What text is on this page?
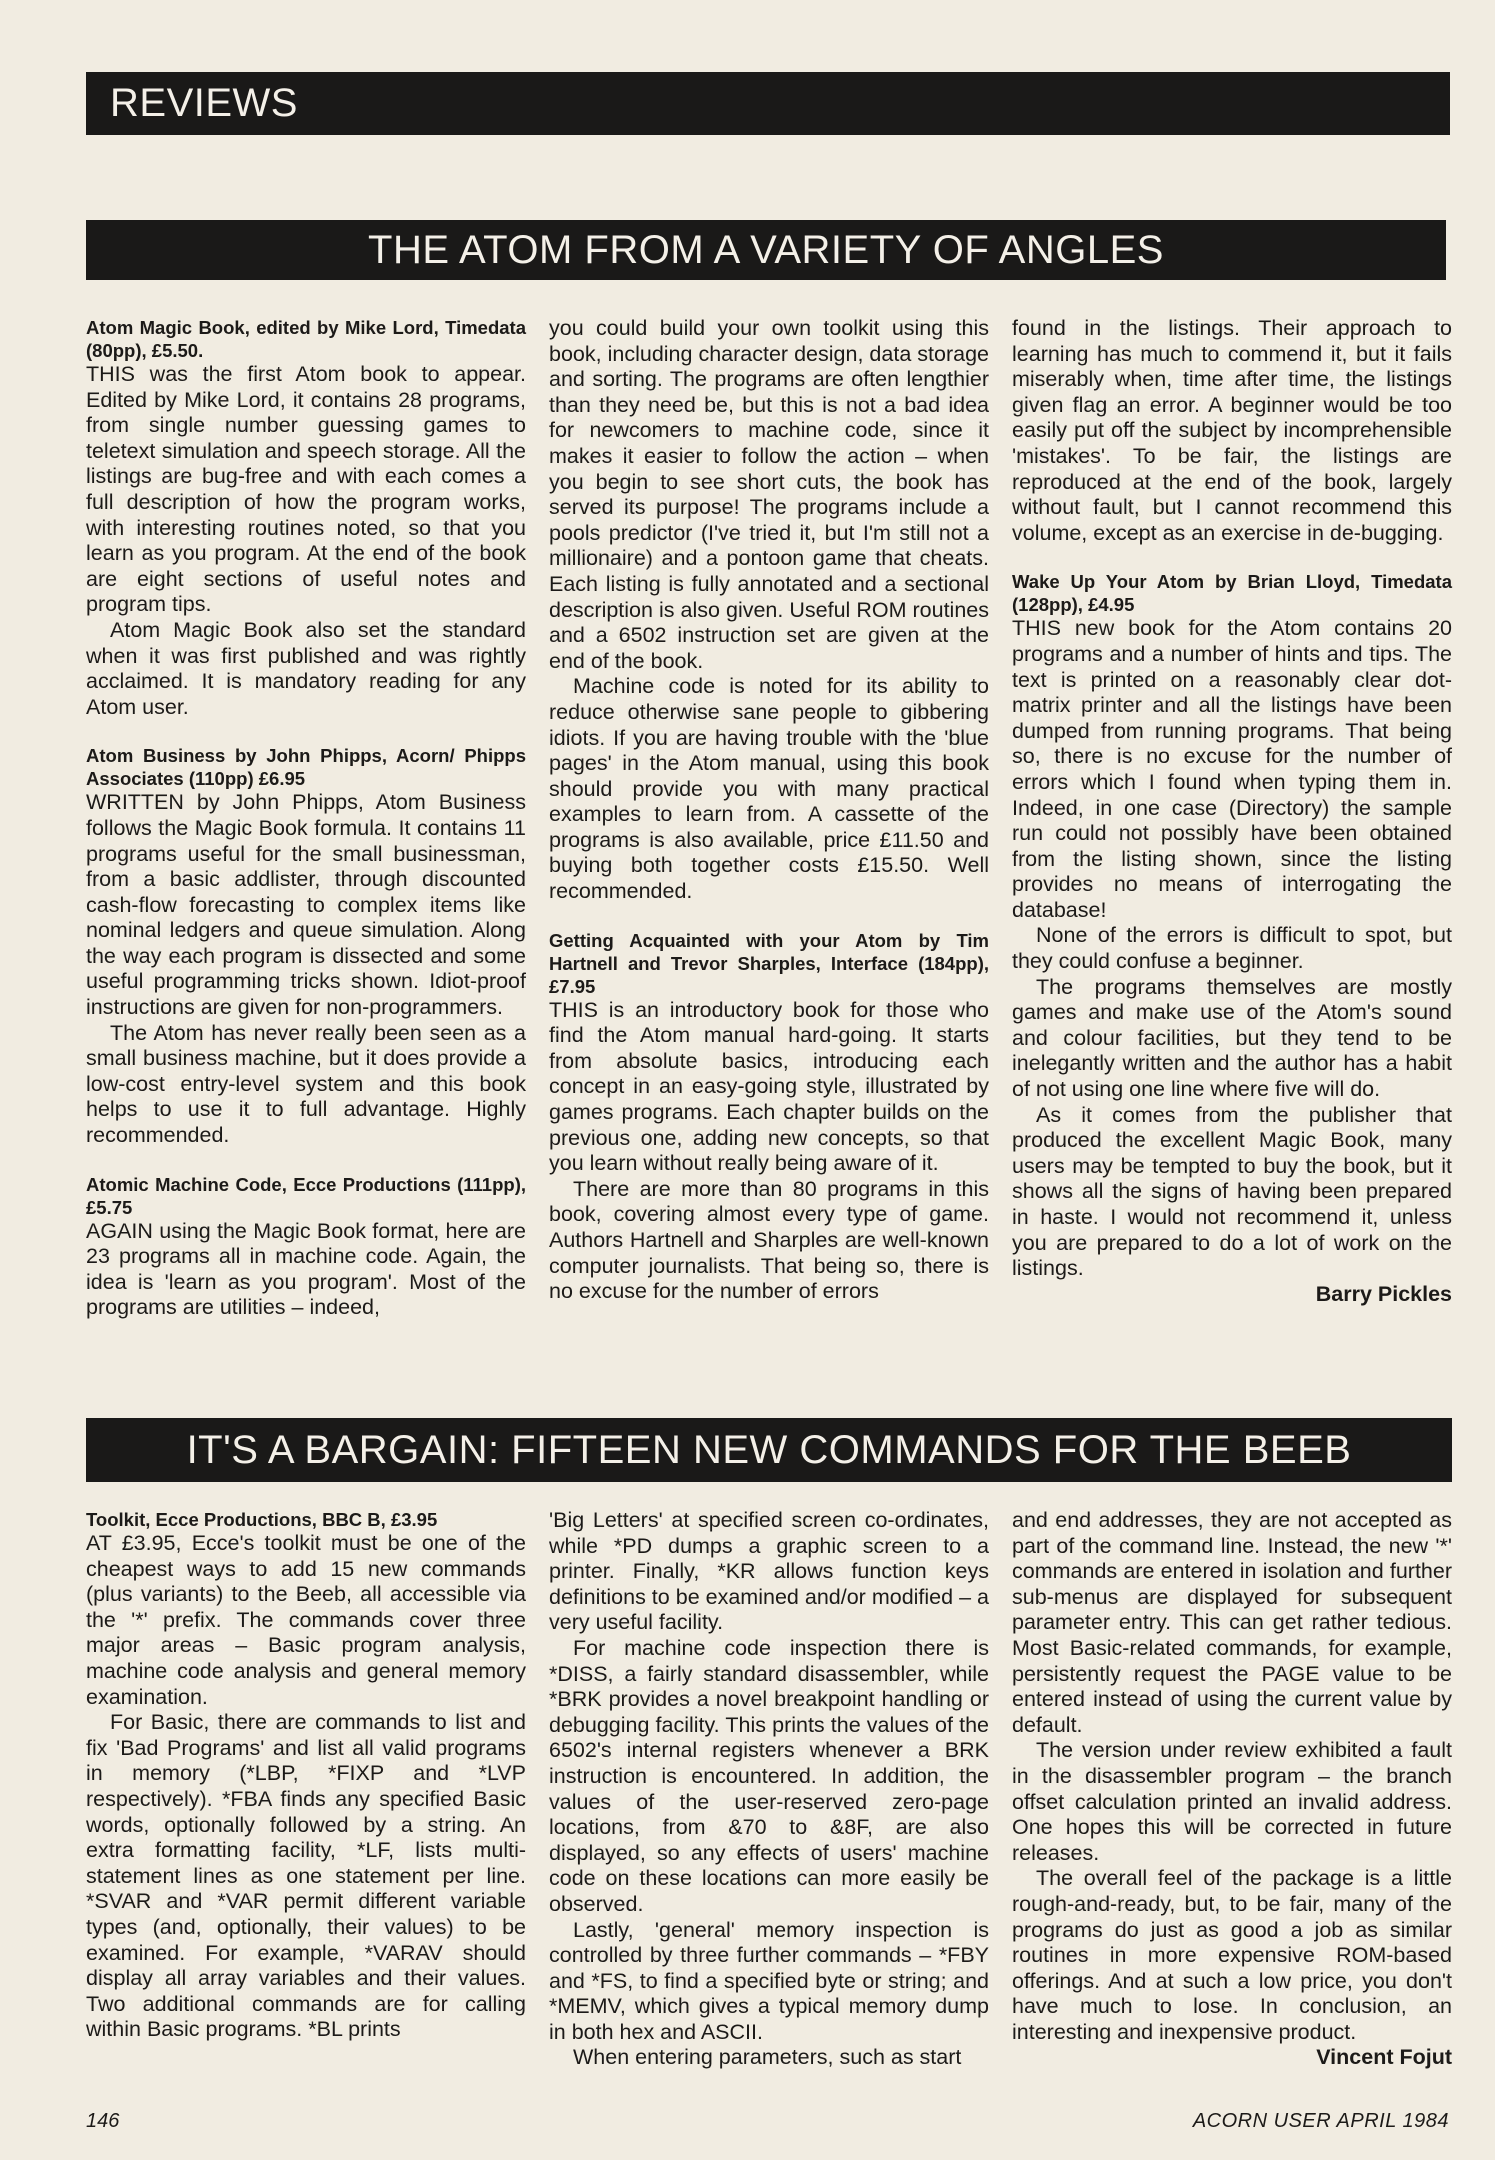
REVIEWS
THE ATOM FROM A VARIETY OF ANGLES
Atom Magic Book, edited by Mike Lord, Timedata (80pp), £5.50.

THIS was the first Atom book to appear. Edited by Mike Lord, it contains 28 programs, from single number guessing games to teletext simulation and speech storage. All the listings are bug-free and with each comes a full description of how the program works, with interesting routines noted, so that you learn as you program. At the end of the book are eight sections of useful notes and program tips.

Atom Magic Book also set the standard when it was first published and was rightly acclaimed. It is mandatory reading for any Atom user.

Atom Business by John Phipps, Acorn/ Phipps Associates (110pp) £6.95

WRITTEN by John Phipps, Atom Business follows the Magic Book formula. It contains 11 programs useful for the small businessman, from a basic addlister, through discounted cash-flow forecasting to complex items like nominal ledgers and queue simulation. Along the way each program is dissected and some useful programming tricks shown. Idiot-proof instructions are given for non-programmers.

The Atom has never really been seen as a small business machine, but it does provide a low-cost entry-level system and this book helps to use it to full advantage. Highly recommended.

Atomic Machine Code, Ecce Productions (111pp), £5.75

AGAIN using the Magic Book format, here are 23 programs all in machine code. Again, the idea is 'learn as you program'. Most of the programs are utilities – indeed,

you could build your own toolkit using this book, including character design, data storage and sorting. The programs are often lengthier than they need be, but this is not a bad idea for newcomers to machine code, since it makes it easier to follow the action – when you begin to see short cuts, the book has served its purpose! The programs include a pools predictor (I've tried it, but I'm still not a millionaire) and a pontoon game that cheats. Each listing is fully annotated and a sectional description is also given. Useful ROM routines and a 6502 instruction set are given at the end of the book.

Machine code is noted for its ability to reduce otherwise sane people to gibbering idiots. If you are having trouble with the 'blue pages' in the Atom manual, using this book should provide you with many practical examples to learn from. A cassette of the programs is also available, price £11.50 and buying both together costs £15.50. Well recommended.

Getting Acquainted with your Atom by Tim Hartnell and Trevor Sharples, Interface (184pp), £7.95

THIS is an introductory book for those who find the Atom manual hard-going. It starts from absolute basics, introducing each concept in an easy-going style, illustrated by games programs. Each chapter builds on the previous one, adding new concepts, so that you learn without really being aware of it.

There are more than 80 programs in this book, covering almost every type of game. Authors Hartnell and Sharples are well-known computer journalists. That being so, there is no excuse for the number of errors

found in the listings. Their approach to learning has much to commend it, but it fails miserably when, time after time, the listings given flag an error. A beginner would be too easily put off the subject by incomprehensible 'mistakes'. To be fair, the listings are reproduced at the end of the book, largely without fault, but I cannot recommend this volume, except as an exercise in de-bugging.

Wake Up Your Atom by Brian Lloyd, Timedata (128pp), £4.95

THIS new book for the Atom contains 20 programs and a number of hints and tips. The text is printed on a reasonably clear dot-matrix printer and all the listings have been dumped from running programs. That being so, there is no excuse for the number of errors which I found when typing them in. Indeed, in one case (Directory) the sample run could not possibly have been obtained from the listing shown, since the listing provides no means of interrogating the database!

None of the errors is difficult to spot, but they could confuse a beginner.

The programs themselves are mostly games and make use of the Atom's sound and colour facilities, but they tend to be inelegantly written and the author has a habit of not using one line where five will do.

As it comes from the publisher that produced the excellent Magic Book, many users may be tempted to buy the book, but it shows all the signs of having been prepared in haste. I would not recommend it, unless you are prepared to do a lot of work on the listings.

Barry Pickles

IT'S A BARGAIN: FIFTEEN NEW COMMANDS FOR THE BEEB
Toolkit, Ecce Productions, BBC B, £3.95

AT £3.95, Ecce's toolkit must be one of the cheapest ways to add 15 new commands (plus variants) to the Beeb, all accessible via the '*' prefix. The commands cover three major areas – Basic program analysis, machine code analysis and general memory examination.

For Basic, there are commands to list and fix 'Bad Programs' and list all valid programs in memory (*LBP, *FIXP and *LVP respectively). *FBA finds any specified Basic words, optionally followed by a string. An extra formatting facility, *LF, lists multi-statement lines as one statement per line. *SVAR and *VAR permit different variable types (and, optionally, their values) to be examined. For example, *VARAV should display all array variables and their values. Two additional commands are for calling within Basic programs. *BL prints

'Big Letters' at specified screen co-ordinates, while *PD dumps a graphic screen to a printer. Finally, *KR allows function keys definitions to be examined and/or modified – a very useful facility.

For machine code inspection there is *DISS, a fairly standard disassembler, while *BRK provides a novel breakpoint handling or debugging facility. This prints the values of the 6502's internal registers whenever a BRK instruction is encountered. In addition, the values of the user-reserved zero-page locations, from &70 to &8F, are also displayed, so any effects of users' machine code on these locations can more easily be observed.

Lastly, 'general' memory inspection is controlled by three further commands – *FBY and *FS, to find a specified byte or string; and *MEMV, which gives a typical memory dump in both hex and ASCII.

When entering parameters, such as start

and end addresses, they are not accepted as part of the command line. Instead, the new '*' commands are entered in isolation and further sub-menus are displayed for subsequent parameter entry. This can get rather tedious. Most Basic-related commands, for example, persistently request the PAGE value to be entered instead of using the current value by default.

The version under review exhibited a fault in the disassembler program – the branch offset calculation printed an invalid address. One hopes this will be corrected in future releases.

The overall feel of the package is a little rough-and-ready, but, to be fair, many of the programs do just as good a job as similar routines in more expensive ROM-based offerings. And at such a low price, you don't have much to lose. In conclusion, an interesting and inexpensive product.

Vincent Fojut

146	ACORN USER APRIL 1984
